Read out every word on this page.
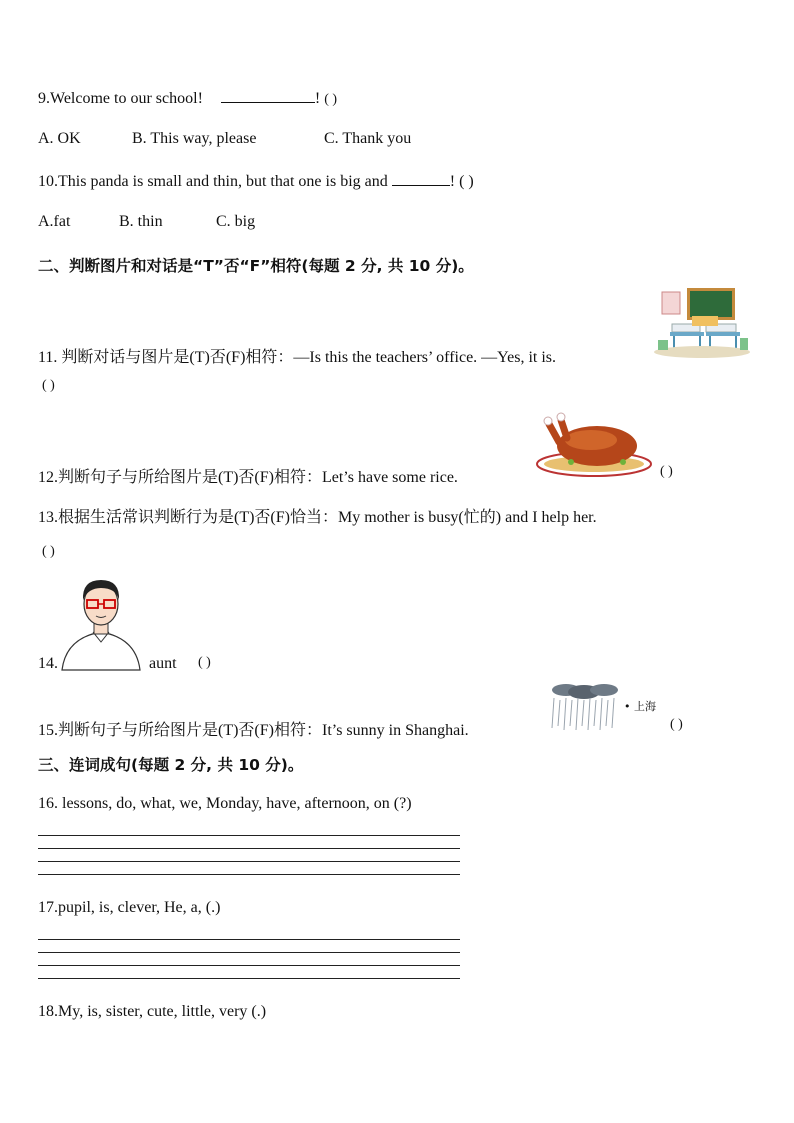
9.Welcome to our school!	! ( )
A. OK	B. This way, please	C. Thank you
10.This panda is small and thin, but that one is big and	! ( )
A.fat	B. thin	C. big
二、判断图片和对话是“T”否“F”相符(每题 2 分, 共 10 分)。
11. 判断对话与图片是(T)否(F)相符：—Is this the teachers’ office. —Yes, it is.
( )
12.判断句子与所给图片是(T)否(F)相符：Let’s have some rice.	( )
13.根据生活常识判断行为是(T)否(F)恰当：My mother is busy(忙的) and I help her.
( )
14.	aunt ( )
• 上海
15.判断句子与所给图片是(T)否(F)相符：It’s sunny in Shanghai.	( )
三、连词成句(每题 2 分, 共 10 分)。
16. lessons, do, what, we, Monday, have, afternoon, on (?)
17.pupil, is, clever, He, a, (.)
18.My, is, sister, cute, little, very (.)
